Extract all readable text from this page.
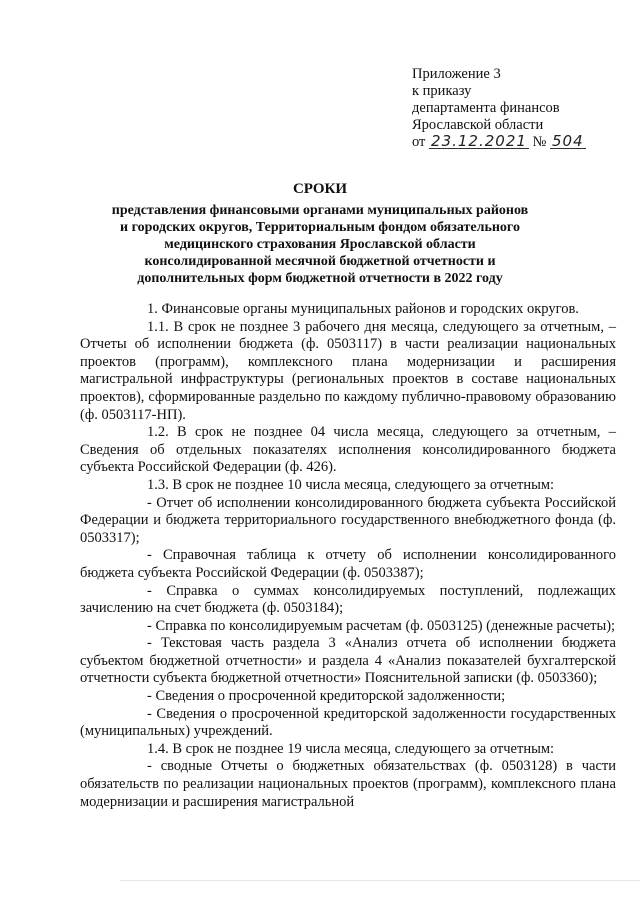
Приложение 3
к приказу
департамента финансов
Ярославской области
от 23.12.2021 № 504
СРОКИ
представления финансовыми органами муниципальных районов и городских округов, Территориальным фондом обязательного медицинского страхования Ярославской области консолидированной месячной бюджетной отчетности и дополнительных форм бюджетной отчетности в 2022 году

1. Финансовые органы муниципальных районов и городских округов.

1.1. В срок не позднее 3 рабочего дня месяца, следующего за отчетным, – Отчеты об исполнении бюджета (ф. 0503117) в части реализации национальных проектов (программ), комплексного плана модернизации и расширения магистральной инфраструктуры (региональных проектов в составе национальных проектов), сформированные раздельно по каждому публично-правовому образованию (ф. 0503117-НП).

1.2. В срок не позднее 04 числа месяца, следующего за отчетным, – Сведения об отдельных показателях исполнения консолидированного бюджета субъекта Российской Федерации (ф. 426).

1.3. В срок не позднее 10 числа месяца, следующего за отчетным:

- Отчет об исполнении консолидированного бюджета субъекта Российской Федерации и бюджета территориального государственного внебюджетного фонда (ф. 0503317);

- Справочная таблица к отчету об исполнении консолидированного бюджета субъекта Российской Федерации (ф. 0503387);

- Справка о суммах консолидируемых поступлений, подлежащих зачислению на счет бюджета (ф. 0503184);

- Справка по консолидируемым расчетам (ф. 0503125) (денежные расчеты);

- Текстовая часть раздела 3 «Анализ отчета об исполнении бюджета субъектом бюджетной отчетности» и раздела 4 «Анализ показателей бухгалтерской отчетности субъекта бюджетной отчетности» Пояснительной записки (ф. 0503360);

- Сведения о просроченной кредиторской задолженности;

- Сведения о просроченной кредиторской задолженности государственных (муниципальных) учреждений.

1.4. В срок не позднее 19 числа месяца, следующего за отчетным:

- сводные Отчеты о бюджетных обязательствах (ф. 0503128) в части обязательств по реализации национальных проектов (программ), комплексного плана модернизации и расширения магистральной
